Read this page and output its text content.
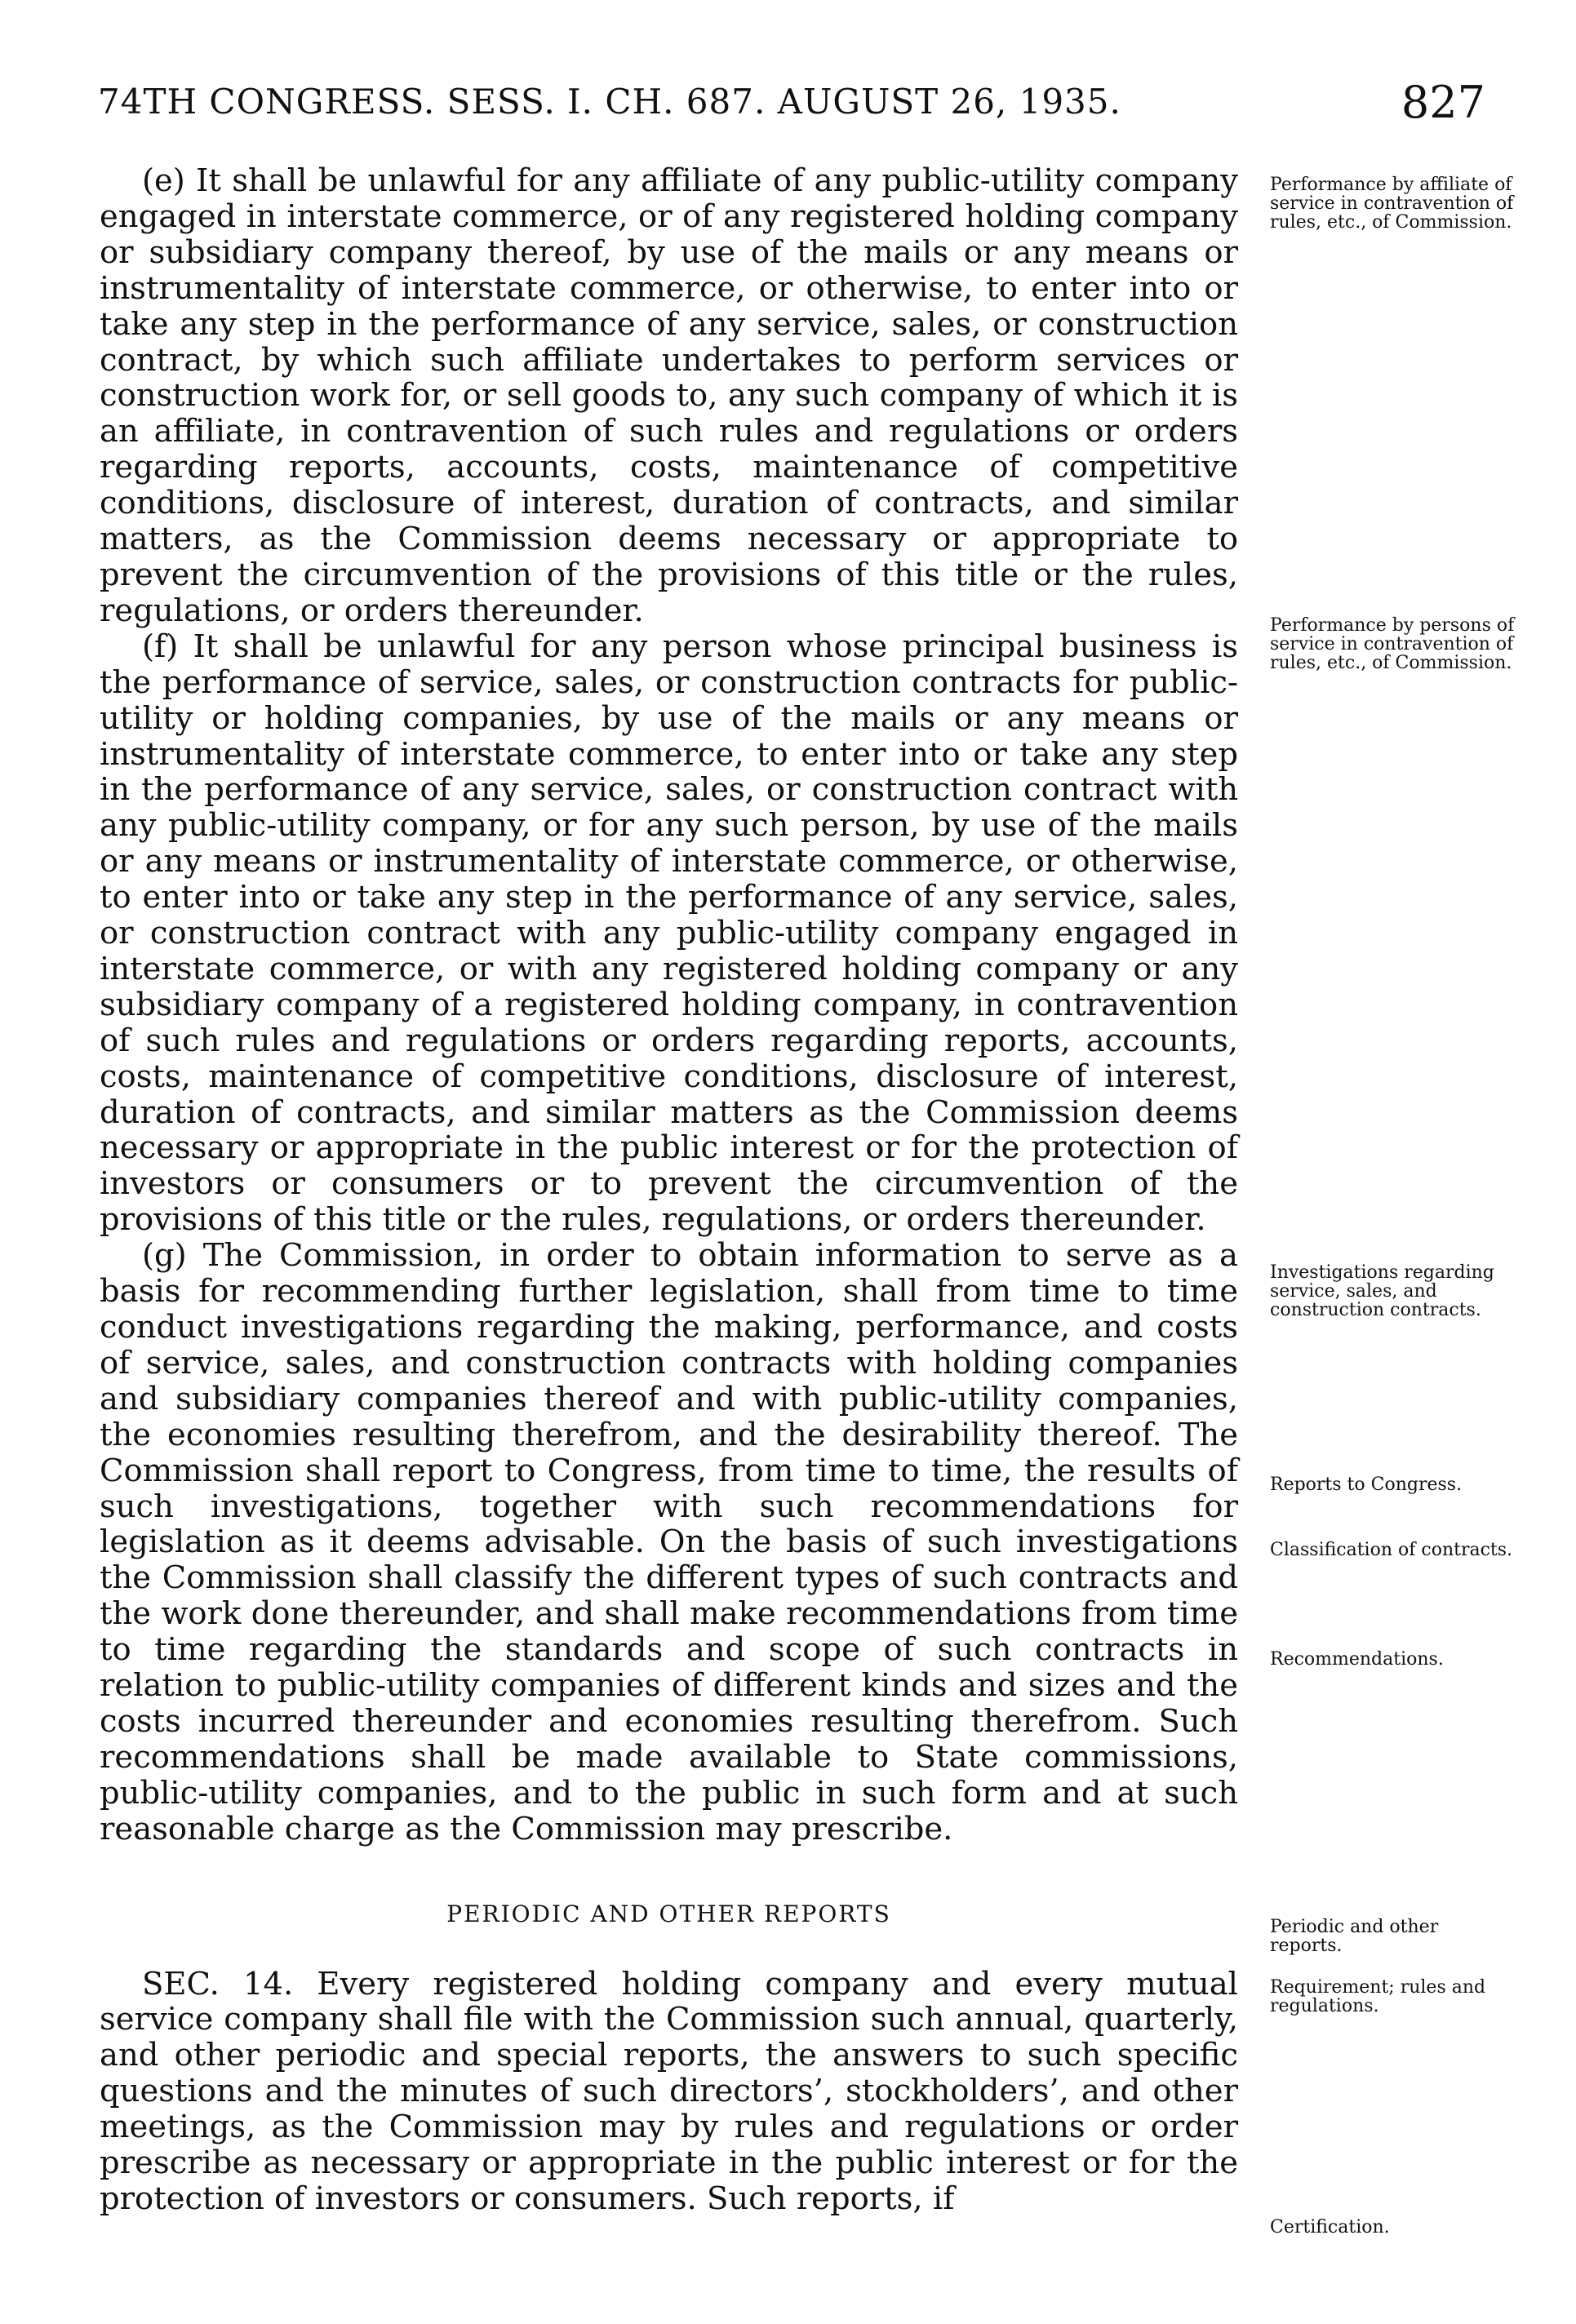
74TH CONGRESS. SESS. I. CH. 687. AUGUST 26, 1935.	827

(e) It shall be unlawful for any affiliate of any public-utility company engaged in interstate commerce, or of any registered holding company or subsidiary company thereof, by use of the mails or any means or instrumentality of interstate commerce, or otherwise, to enter into or take any step in the performance of any service, sales, or construction contract, by which such affiliate undertakes to perform services or construction work for, or sell goods to, any such company of which it is an affiliate, in contravention of such rules and regulations or orders regarding reports, accounts, costs, maintenance of competitive conditions, disclosure of interest, duration of contracts, and similar matters, as the Commission deems necessary or appropriate to prevent the circumvention of the provisions of this title or the rules, regulations, or orders thereunder.

(f) It shall be unlawful for any person whose principal business is the performance of service, sales, or construction contracts for public-utility or holding companies, by use of the mails or any means or instrumentality of interstate commerce, to enter into or take any step in the performance of any service, sales, or construction contract with any public-utility company, or for any such person, by use of the mails or any means or instrumentality of interstate commerce, or otherwise, to enter into or take any step in the performance of any service, sales, or construction contract with any public-utility company engaged in interstate commerce, or with any registered holding company or any subsidiary company of a registered holding company, in contravention of such rules and regulations or orders regarding reports, accounts, costs, maintenance of competitive conditions, disclosure of interest, duration of contracts, and similar matters as the Commission deems necessary or appropriate in the public interest or for the protection of investors or consumers or to prevent the circumvention of the provisions of this title or the rules, regulations, or orders thereunder.

(g) The Commission, in order to obtain information to serve as a basis for recommending further legislation, shall from time to time conduct investigations regarding the making, performance, and costs of service, sales, and construction contracts with holding companies and subsidiary companies thereof and with public-utility companies, the economies resulting therefrom, and the desirability thereof. The Commission shall report to Congress, from time to time, the results of such investigations, together with such recommendations for legislation as it deems advisable. On the basis of such investigations the Commission shall classify the different types of such contracts and the work done thereunder, and shall make recommendations from time to time regarding the standards and scope of such contracts in relation to public-utility companies of different kinds and sizes and the costs incurred thereunder and economies resulting therefrom. Such recommendations shall be made available to State commissions, public-utility companies, and to the public in such form and at such reasonable charge as the Commission may prescribe.

PERIODIC AND OTHER REPORTS

SEC. 14. Every registered holding company and every mutual service company shall file with the Commission such annual, quarterly, and other periodic and special reports, the answers to such specific questions and the minutes of such directors’, stockholders’, and other meetings, as the Commission may by rules and regulations or order prescribe as necessary or appropriate in the public interest or for the protection of investors or consumers. Such reports, if

Performance by affiliate of service in contravention of rules, etc., of Commission.
Performance by persons of service in contravention of rules, etc., of Commission.
Investigations regarding service, sales, and construction contracts.
Reports to Congress.
Classification of contracts.
Recommendations.
Periodic and other reports.
Requirement; rules and regulations.
Certification.
